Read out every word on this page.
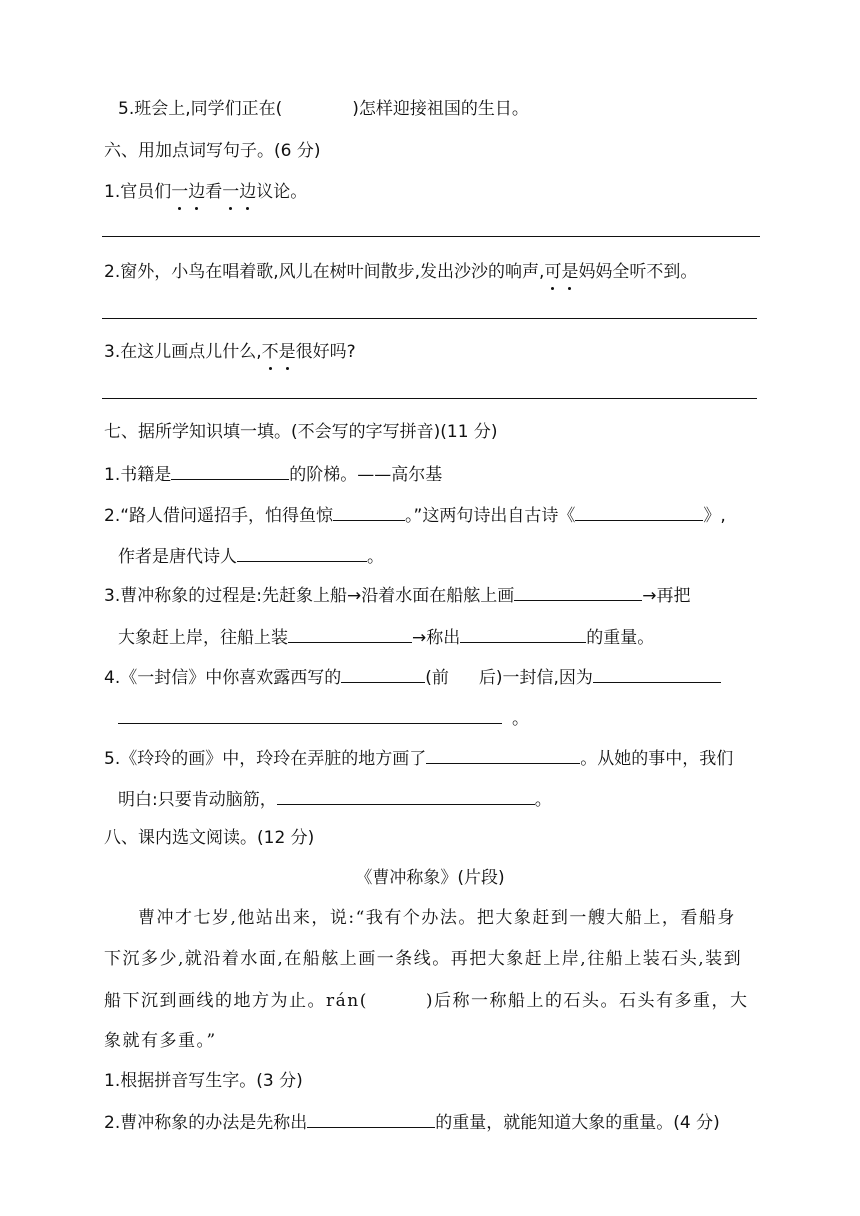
5.班会上,同学们正在(	)怎样迎接祖国的生日。
六、用加点词写句子。(6 分)
1.官员们一边看一边议论。
2.窗外，小鸟在唱着歌,风儿在树叶间散步,发出沙沙的响声,可是妈妈全听不到。
3.在这儿画点儿什么,不是很好吗?
七、据所学知识填一填。(不会写的字写拼音)(11 分)
1.书籍是	的阶梯。——高尔基
2.“路人借问遥招手，怕得鱼惊	。”这两句诗出自古诗《	》,
作者是唐代诗人	。
3.曹冲称象的过程是:先赶象上船→沿着水面在船舷上画	→再把
大象赶上岸，往船上装	→称出	的重量。
4.《一封信》中你喜欢露西写的	(前 后)一封信,因为
。
5.《玲玲的画》中，玲玲在弄脏的地方画了	。从她的事中，我们
明白:只要肯动脑筋，	。
八、课内选文阅读。(12 分)
《曹冲称象》(片段)
曹冲才七岁,他站出来，说:“我有个办法。把大象赶到一艘大船上，看船身
下沉多少,就沿着水面,在船舷上画一条线。再把大象赶上岸,往船上装石头,装到
船下沉到画线的地方为止。rán(	)后称一称船上的石头。石头有多重，大
象就有多重。”
1.根据拼音写生字。(3 分)
2.曹冲称象的办法是先称出	的重量，就能知道大象的重量。(4 分)
